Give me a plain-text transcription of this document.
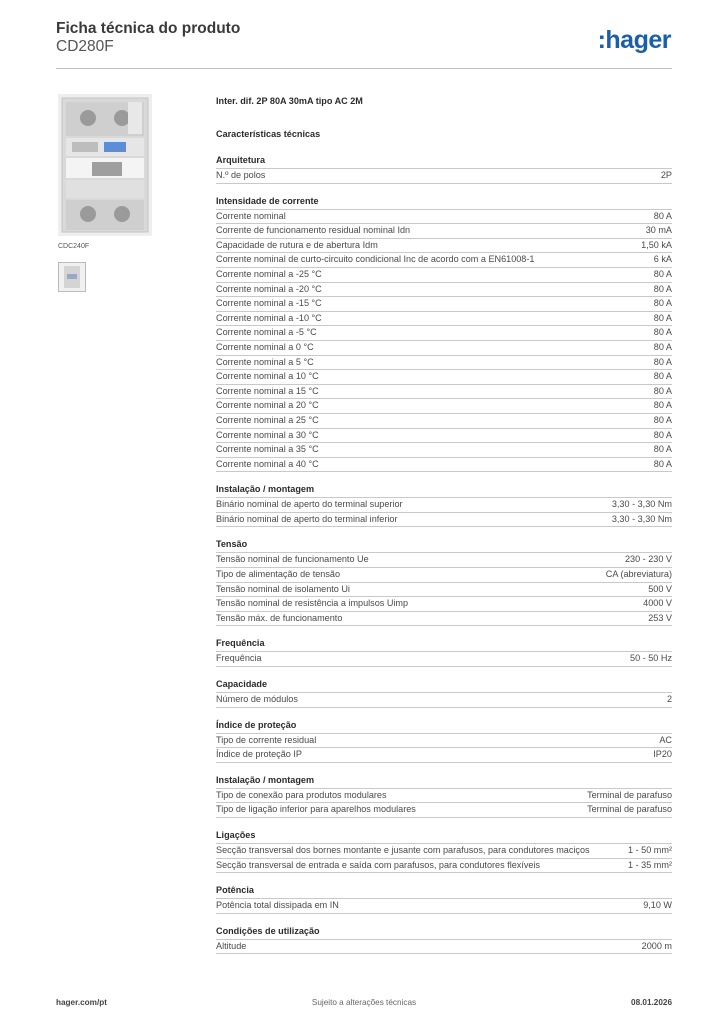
Ficha técnica do produto
CD280F	:hager
CDC240F
Inter. dif. 2P 80A 30mA tipo AC 2M
Características técnicas
Arquitetura
N.º de polos	2P
Intensidade de corrente
Corrente nominal	80 A
Corrente de funcionamento residual nominal Idn	30 mA
Capacidade de rutura e de abertura Idm	1,50 kA
Corrente nominal de curto-circuito condicional Inc de acordo com a EN61008-1	6 kA
Corrente nominal a -25 °C	80 A
Corrente nominal a -20 °C	80 A
Corrente nominal a -15 °C	80 A
Corrente nominal a -10 °C	80 A
Corrente nominal a -5 °C	80 A
Corrente nominal a 0 °C	80 A
Corrente nominal a 5 °C	80 A
Corrente nominal a 10 °C	80 A
Corrente nominal a 15 °C	80 A
Corrente nominal a 20 °C	80 A
Corrente nominal a 25 °C	80 A
Corrente nominal a 30 °C	80 A
Corrente nominal a 35 °C	80 A
Corrente nominal a 40 °C	80 A
Instalação / montagem
Binário nominal de aperto do terminal superior	3,30 - 3,30 Nm
Binário nominal de aperto do terminal inferior	3,30 - 3,30 Nm
Tensão
Tensão nominal de funcionamento Ue	230 - 230 V
Tipo de alimentação de tensão	CA (abreviatura)
Tensão nominal de isolamento Ui	500 V
Tensão nominal de resistência a impulsos Uimp	4000 V
Tensão máx. de funcionamento	253 V
Frequência
Frequência	50 - 50 Hz
Capacidade
Número de módulos	2
Índice de proteção
Tipo de corrente residual	AC
Índice de proteção IP	IP20
Instalação / montagem
Tipo de conexão para produtos modulares	Terminal de parafuso
Tipo de ligação inferior para aparelhos modulares	Terminal de parafuso
Ligações
Secção transversal dos bornes montante e jusante com parafusos, para condutores maciços	1 - 50 mm²
Secção transversal de entrada e saída com parafusos, para condutores flexíveis	1 - 35 mm²
Potência
Potência total dissipada em IN	9,10 W
Condições de utilização
Altitude	2000 m
hager.com/pt	Sujeito a alterações técnicas	08.01.2026
